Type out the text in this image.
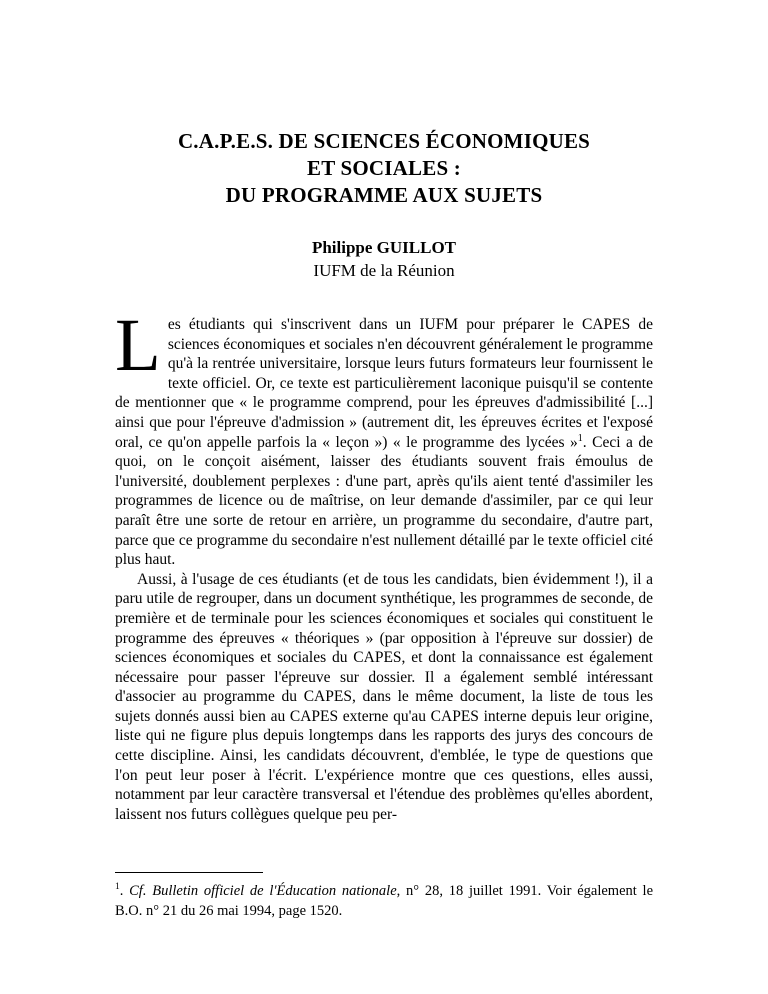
C.A.P.E.S. DE SCIENCES ÉCONOMIQUES
ET SOCIALES :
DU PROGRAMME AUX SUJETS
Philippe GUILLOT
IUFM de la Réunion

Les étudiants qui s'inscrivent dans un IUFM pour préparer le CAPES de sciences économiques et sociales n'en découvrent généralement le programme qu'à la rentrée universitaire, lorsque leurs futurs formateurs leur fournissent le texte officiel. Or, ce texte est particulièrement laconique puisqu'il se contente de mentionner que « le programme comprend, pour les épreuves d'admissibilité [...] ainsi que pour l'épreuve d'admission » (autrement dit, les épreuves écrites et l'exposé oral, ce qu'on appelle parfois la « leçon ») « le programme des lycées »$^1$. Ceci a de quoi, on le conçoit aisément, laisser des étudiants souvent frais émoulus de l'université, doublement perplexes : d'une part, après qu'ils aient tenté d'assimiler les programmes de licence ou de maîtrise, on leur demande d'assimiler, par ce qui leur paraît être une sorte de retour en arrière, un programme du secondaire, d'autre part, parce que ce programme du secondaire n'est nullement détaillé par le texte officiel cité plus haut.

Aussi, à l'usage de ces étudiants (et de tous les candidats, bien évidemment !), il a paru utile de regrouper, dans un document synthétique, les programmes de seconde, de première et de terminale pour les sciences économiques et sociales qui constituent le programme des épreuves « théoriques » (par opposition à l'épreuve sur dossier) de sciences économiques et sociales du CAPES, et dont la connaissance est également nécessaire pour passer l'épreuve sur dossier. Il a également semblé intéressant d'associer au programme du CAPES, dans le même document, la liste de tous les sujets donnés aussi bien au CAPES externe qu'au CAPES interne depuis leur origine, liste qui ne figure plus depuis longtemps dans les rapports des jurys des concours de cette discipline. Ainsi, les candidats découvrent, d'emblée, le type de questions que l'on peut leur poser à l'écrit. L'expérience montre que ces questions, elles aussi, notamment par leur caractère transversal et l'étendue des problèmes qu'elles abordent, laissent nos futurs collègues quelque peu per-

$^1$. Cf. Bulletin officiel de l'Éducation nationale, n° 28, 18 juillet 1991. Voir également le B.O. n° 21 du 26 mai 1994, page 1520.
